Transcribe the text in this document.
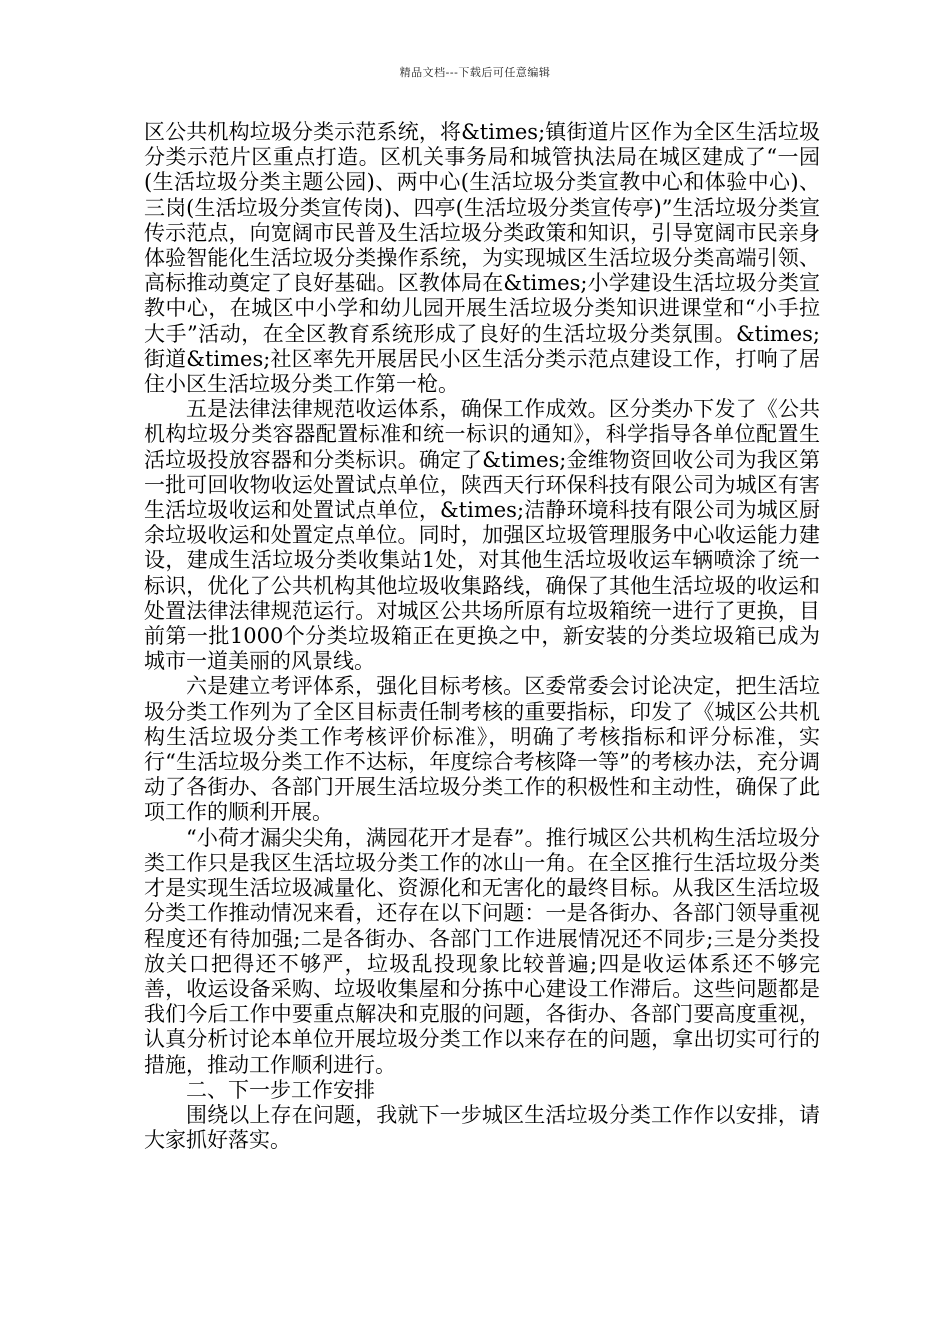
精品文档---下载后可任意编辑

区公共机构垃圾分类示范系统，将&times;镇街道片区作为全区生活垃圾分类示范片区重点打造。区机关事务局和城管执法局在城区建成了“一园(生活垃圾分类主题公园)、两中心(生活垃圾分类宣教中心和体验中心)、三岗(生活垃圾分类宣传岗)、四亭(生活垃圾分类宣传亭)”生活垃圾分类宣传示范点，向宽阔市民普及生活垃圾分类政策和知识，引导宽阔市民亲身体验智能化生活垃圾分类操作系统，为实现城区生活垃圾分类高端引领、高标推动奠定了良好基础。区教体局在&times;小学建设生活垃圾分类宣教中心，在城区中小学和幼儿园开展生活垃圾分类知识进课堂和“小手拉大手”活动，在全区教育系统形成了良好的生活垃圾分类氛围。&times;街道&times;社区率先开展居民小区生活分类示范点建设工作，打响了居住小区生活垃圾分类工作第一枪。

五是法律法律规范收运体系，确保工作成效。区分类办下发了《公共机构垃圾分类容器配置标准和统一标识的通知》，科学指导各单位配置生活垃圾投放容器和分类标识。确定了&times;金维物资回收公司为我区第一批可回收物收运处置试点单位，陕西天行环保科技有限公司为城区有害生活垃圾收运和处置试点单位，&times;洁静环境科技有限公司为城区厨余垃圾收运和处置定点单位。同时，加强区垃圾管理服务中心收运能力建设，建成生活垃圾分类收集站1处，对其他生活垃圾收运车辆喷涂了统一标识，优化了公共机构其他垃圾收集路线，确保了其他生活垃圾的收运和处置法律法律规范运行。对城区公共场所原有垃圾箱统一进行了更换，目前第一批1000个分类垃圾箱正在更换之中，新安装的分类垃圾箱已成为城市一道美丽的风景线。

六是建立考评体系，强化目标考核。区委常委会讨论决定，把生活垃圾分类工作列为了全区目标责任制考核的重要指标，印发了《城区公共机构生活垃圾分类工作考核评价标准》，明确了考核指标和评分标准，实行“生活垃圾分类工作不达标，年度综合考核降一等”的考核办法，充分调动了各街办、各部门开展生活垃圾分类工作的积极性和主动性，确保了此项工作的顺利开展。

“小荷才漏尖尖角，满园花开才是春”。推行城区公共机构生活垃圾分类工作只是我区生活垃圾分类工作的冰山一角。在全区推行生活垃圾分类才是实现生活垃圾减量化、资源化和无害化的最终目标。从我区生活垃圾分类工作推动情况来看，还存在以下问题：一是各街办、各部门领导重视程度还有待加强;二是各街办、各部门工作进展情况还不同步;三是分类投放关口把得还不够严，垃圾乱投现象比较普遍;四是收运体系还不够完善，收运设备采购、垃圾收集屋和分拣中心建设工作滞后。这些问题都是我们今后工作中要重点解决和克服的问题，各街办、各部门要高度重视，认真分析讨论本单位开展垃圾分类工作以来存在的问题，拿出切实可行的措施，推动工作顺利进行。

二、下一步工作安排

围绕以上存在问题，我就下一步城区生活垃圾分类工作作以安排，请大家抓好落实。
